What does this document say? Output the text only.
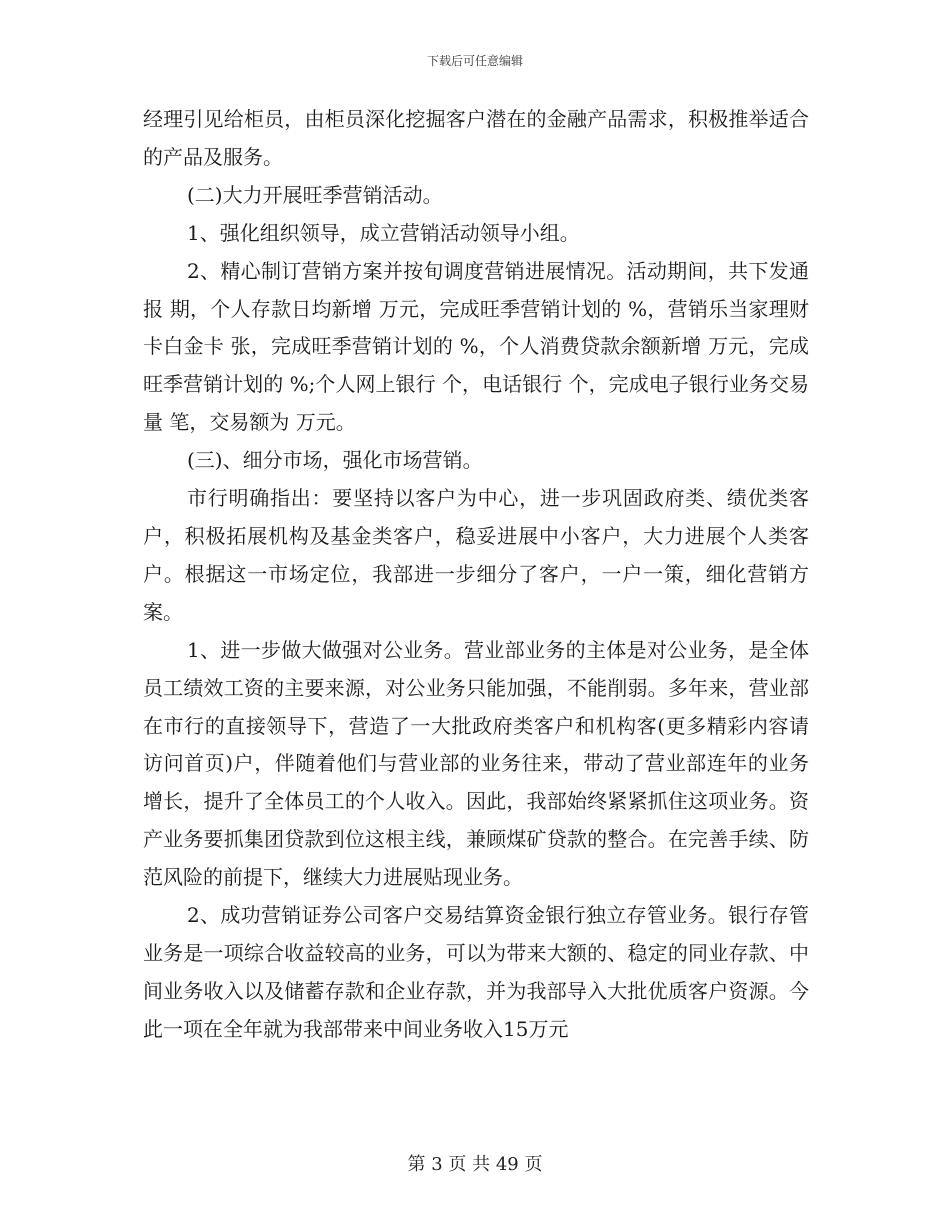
下载后可任意编辑

经理引见给柜员，由柜员深化挖掘客户潜在的金融产品需求，积极推举适合的产品及服务。

(二)大力开展旺季营销活动。

1、强化组织领导，成立营销活动领导小组。

2、精心制订营销方案并按旬调度营销进展情况。活动期间，共下发通报 期，个人存款日均新增 万元，完成旺季营销计划的 %，营销乐当家理财卡白金卡 张，完成旺季营销计划的 %，个人消费贷款余额新增 万元，完成旺季营销计划的 %;个人网上银行 个，电话银行 个，完成电子银行业务交易量 笔，交易额为 万元。

(三)、细分市场，强化市场营销。

市行明确指出：要坚持以客户为中心，进一步巩固政府类、绩优类客户，积极拓展机构及基金类客户，稳妥进展中小客户，大力进展个人类客户。根据这一市场定位，我部进一步细分了客户，一户一策，细化营销方案。

1、进一步做大做强对公业务。营业部业务的主体是对公业务，是全体员工绩效工资的主要来源，对公业务只能加强，不能削弱。多年来，营业部在市行的直接领导下，营造了一大批政府类客户和机构客(更多精彩内容请访问首页)户，伴随着他们与营业部的业务往来，带动了营业部连年的业务增长，提升了全体员工的个人收入。因此，我部始终紧紧抓住这项业务。资产业务要抓集团贷款到位这根主线，兼顾煤矿贷款的整合。在完善手续、防范风险的前提下，继续大力进展贴现业务。

2、成功营销证券公司客户交易结算资金银行独立存管业务。银行存管业务是一项综合收益较高的业务，可以为带来大额的、稳定的同业存款、中间业务收入以及储蓄存款和企业存款，并为我部导入大批优质客户资源。今此一项在全年就为我部带来中间业务收入15万元

第 3 页 共 49 页
